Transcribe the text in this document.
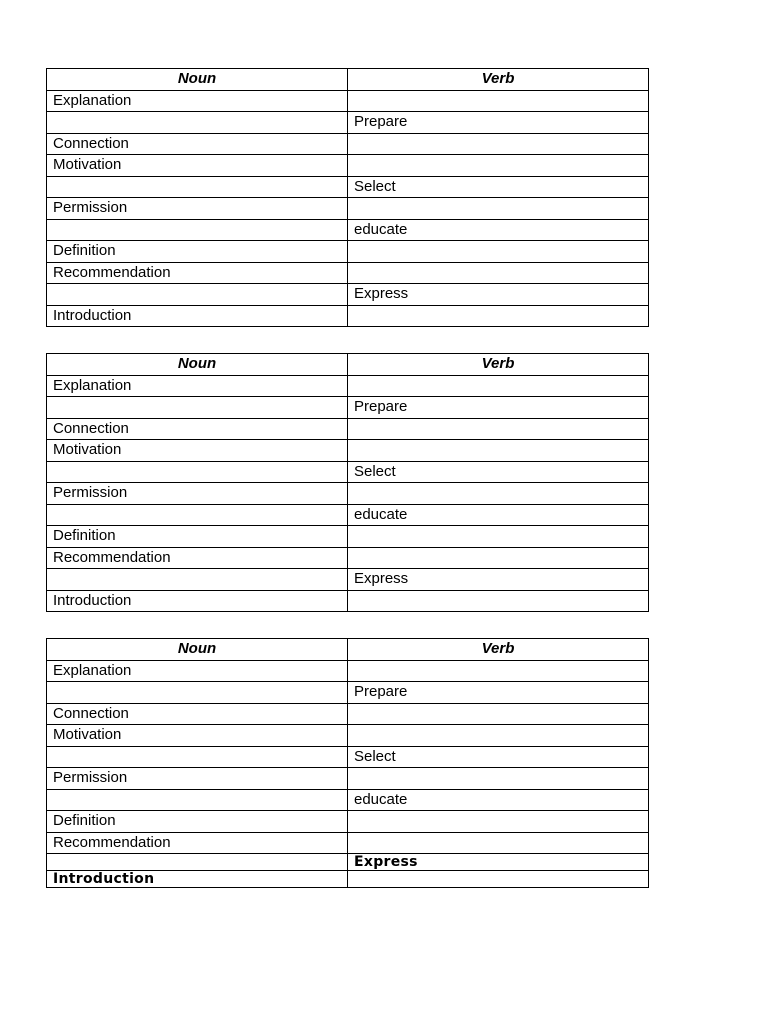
Noun	Verb
Explanation	
	Prepare
Connection	
Motivation	
	Select
Permission	
	educate
Definition	
Recommendation	
	Express
Introduction	
Noun	Verb
Explanation	
	Prepare
Connection	
Motivation	
	Select
Permission	
	educate
Definition	
Recommendation	
	Express
Introduction	
Noun	Verb
Explanation	
	Prepare
Connection	
Motivation	
	Select
Permission	
	educate
Definition	
Recommendation	
	Express
Introduction	
